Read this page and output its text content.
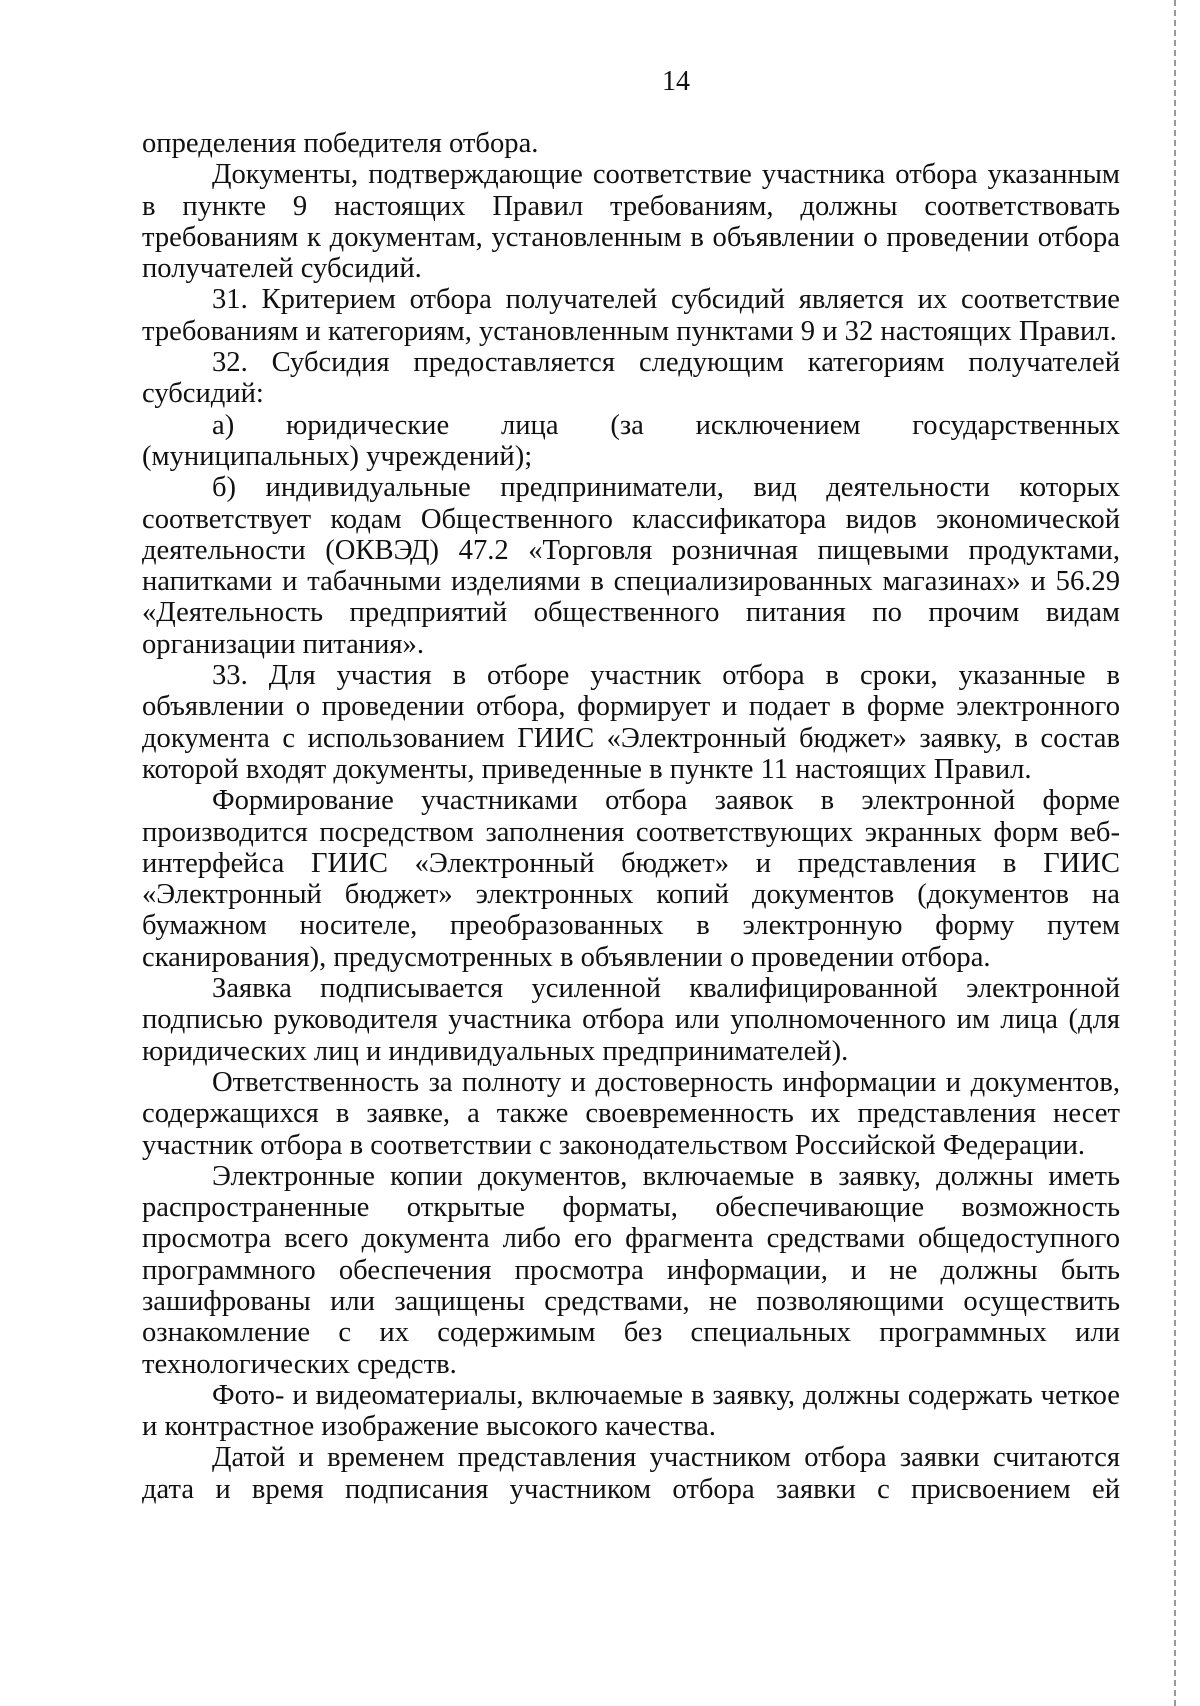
14

определения победителя отбора.

Документы, подтверждающие соответствие участника отбора указанным в пункте 9 настоящих Правил требованиям, должны соответствовать требованиям к документам, установленным в объявлении о проведении отбора получателей субсидий.

31. Критерием отбора получателей субсидий является их соответствие требованиям и категориям, установленным пунктами 9 и 32 настоящих Правил.

32. Субсидия предоставляется следующим категориям получателей субсидий:

а) юридические лица (за исключением государственных (муниципальных) учреждений);

б) индивидуальные предприниматели, вид деятельности которых соответствует кодам Общественного классификатора видов экономической деятельности (ОКВЭД) 47.2 «Торговля розничная пищевыми продуктами, напитками и табачными изделиями в специализированных магазинах» и 56.29 «Деятельность предприятий общественного питания по прочим видам организации питания».

33. Для участия в отборе участник отбора в сроки, указанные в объявлении о проведении отбора, формирует и подает в форме электронного документа с использованием ГИИС «Электронный бюджет» заявку, в состав которой входят документы, приведенные в пункте 11 настоящих Правил.

Формирование участниками отбора заявок в электронной форме производится посредством заполнения соответствующих экранных форм веб-интерфейса ГИИС «Электронный бюджет» и представления в ГИИС «Электронный бюджет» электронных копий документов (документов на бумажном носителе, преобразованных в электронную форму путем сканирования), предусмотренных в объявлении о проведении отбора.

Заявка подписывается усиленной квалифицированной электронной подписью руководителя участника отбора или уполномоченного им лица (для юридических лиц и индивидуальных предпринимателей).

Ответственность за полноту и достоверность информации и документов, содержащихся в заявке, а также своевременность их представления несет участник отбора в соответствии с законодательством Российской Федерации.

Электронные копии документов, включаемые в заявку, должны иметь распространенные открытые форматы, обеспечивающие возможность просмотра всего документа либо его фрагмента средствами общедоступного программного обеспечения просмотра информации, и не должны быть зашифрованы или защищены средствами, не позволяющими осуществить ознакомление с их содержимым без специальных программных или технологических средств.

Фото- и видеоматериалы, включаемые в заявку, должны содержать четкое и контрастное изображение высокого качества.

Датой и временем представления участником отбора заявки считаются дата и время подписания участником отбора заявки с присвоением ей
